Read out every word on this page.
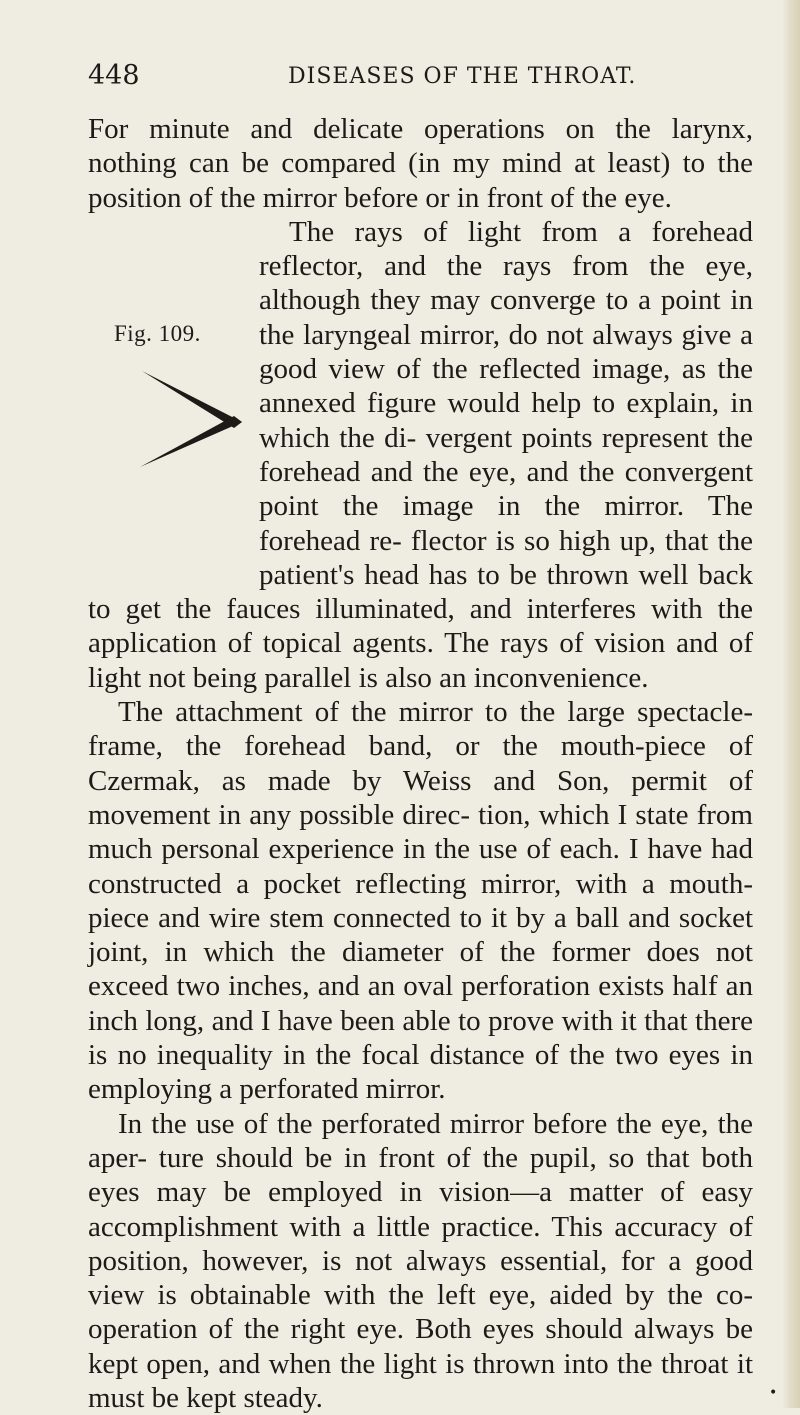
448	DISEASES OF THE THROAT.

For minute and delicate operations on the larynx, nothing can be compared (in my mind at least) to the position of the mirror before or in front of the eye.

Fig. 109.
The rays of light from a forehead reflector, and the rays from the eye, although they may converge to a point in the laryngeal mirror, do not always give a good view of the reflected image, as the annexed figure would help to explain, in which the di- vergent points represent the forehead and the eye, and the convergent point the image in the mirror. The forehead re- flector is so high up, that the patient's head has to be thrown well back to get the fauces illuminated, and interferes with the application of topical agents. The rays of vision and of light not being parallel is also an inconvenience.

The attachment of the mirror to the large spectacle-frame, the forehead band, or the mouth-piece of Czermak, as made by Weiss and Son, permit of movement in any possible direc- tion, which I state from much personal experience in the use of each. I have had constructed a pocket reflecting mirror, with a mouth-piece and wire stem connected to it by a ball and socket joint, in which the diameter of the former does not exceed two inches, and an oval perforation exists half an inch long, and I have been able to prove with it that there is no inequality in the focal distance of the two eyes in employing a perforated mirror.

In the use of the perforated mirror before the eye, the aper- ture should be in front of the pupil, so that both eyes may be employed in vision—a matter of easy accomplishment with a little practice. This accuracy of position, however, is not always essential, for a good view is obtainable with the left eye, aided by the co-operation of the right eye. Both eyes should always be kept open, and when the light is thrown into the throat it must be kept steady.	•
